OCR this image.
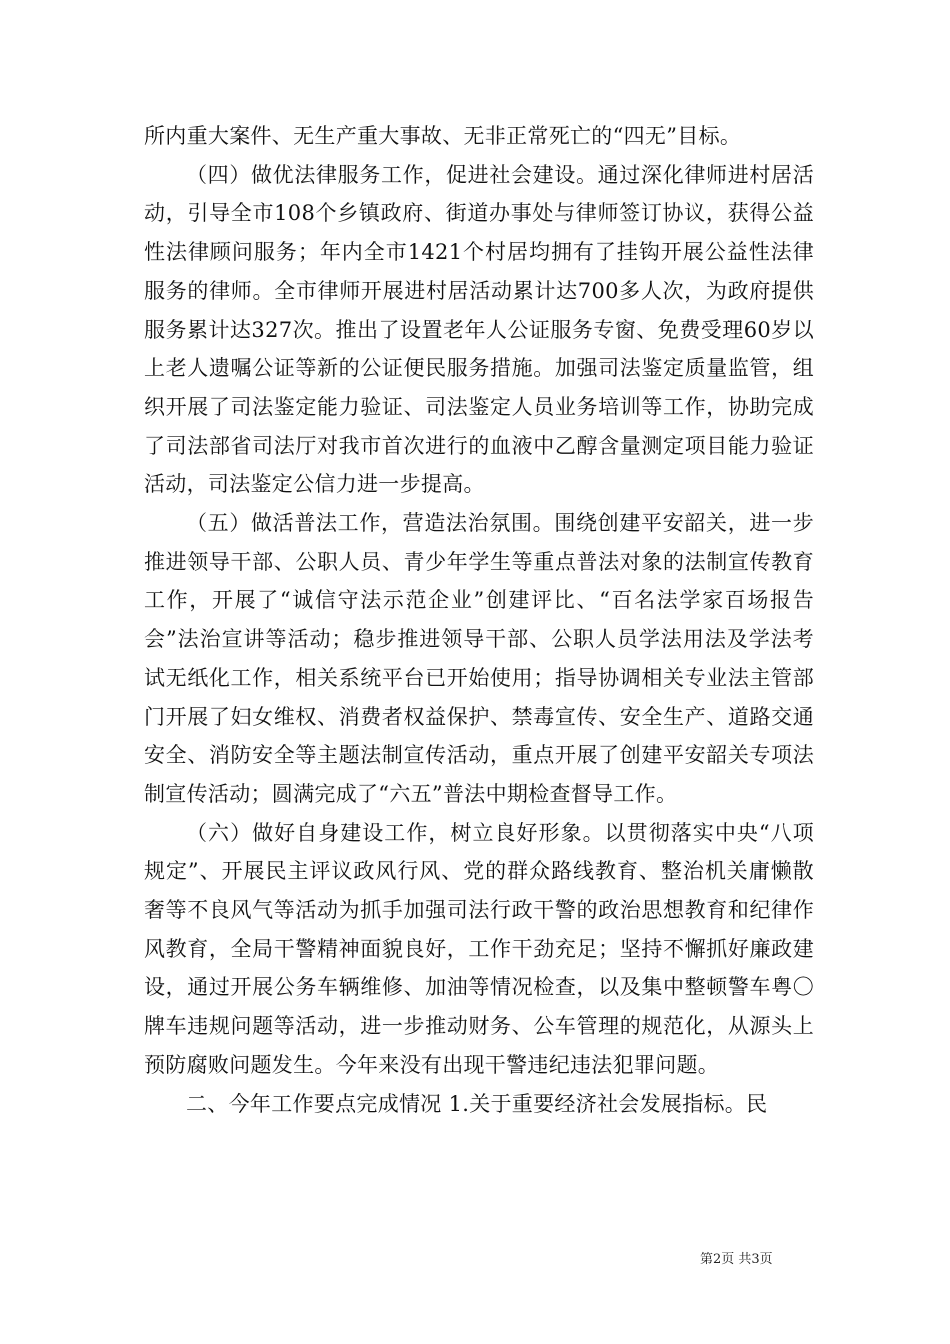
所内重大案件、无生产重大事故、无非正常死亡的“四无”目标。

（四）做优法律服务工作，促进社会建设。通过深化律师进村居活动，引导全市108个乡镇政府、街道办事处与律师签订协议，获得公益性法律顾问服务；年内全市1421个村居均拥有了挂钩开展公益性法律服务的律师。全市律师开展进村居活动累计达700多人次，为政府提供服务累计达327次。推出了设置老年人公证服务专窗、免费受理60岁以上老人遗嘱公证等新的公证便民服务措施。加强司法鉴定质量监管，组织开展了司法鉴定能力验证、司法鉴定人员业务培训等工作，协助完成了司法部省司法厅对我市首次进行的血液中乙醇含量测定项目能力验证活动，司法鉴定公信力进一步提高。

（五）做活普法工作，营造法治氛围。围绕创建平安韶关，进一步推进领导干部、公职人员、青少年学生等重点普法对象的法制宣传教育工作，开展了“诚信守法示范企业”创建评比、“百名法学家百场报告会”法治宣讲等活动；稳步推进领导干部、公职人员学法用法及学法考试无纸化工作，相关系统平台已开始使用；指导协调相关专业法主管部门开展了妇女维权、消费者权益保护、禁毒宣传、安全生产、道路交通安全、消防安全等主题法制宣传活动，重点开展了创建平安韶关专项法制宣传活动；圆满完成了“六五”普法中期检查督导工作。

（六）做好自身建设工作，树立良好形象。以贯彻落实中央“八项规定”、开展民主评议政风行风、党的群众路线教育、整治机关庸懒散奢等不良风气等活动为抓手加强司法行政干警的政治思想教育和纪律作风教育，全局干警精神面貌良好，工作干劲充足；坚持不懈抓好廉政建设，通过开展公务车辆维修、加油等情况检查，以及集中整顿警车粤〇牌车违规问题等活动，进一步推动财务、公车管理的规范化，从源头上预防腐败问题发生。今年来没有出现干警违纪违法犯罪问题。

二、今年工作要点完成情况 1.关于重要经济社会发展指标。民

第2页 共3页
